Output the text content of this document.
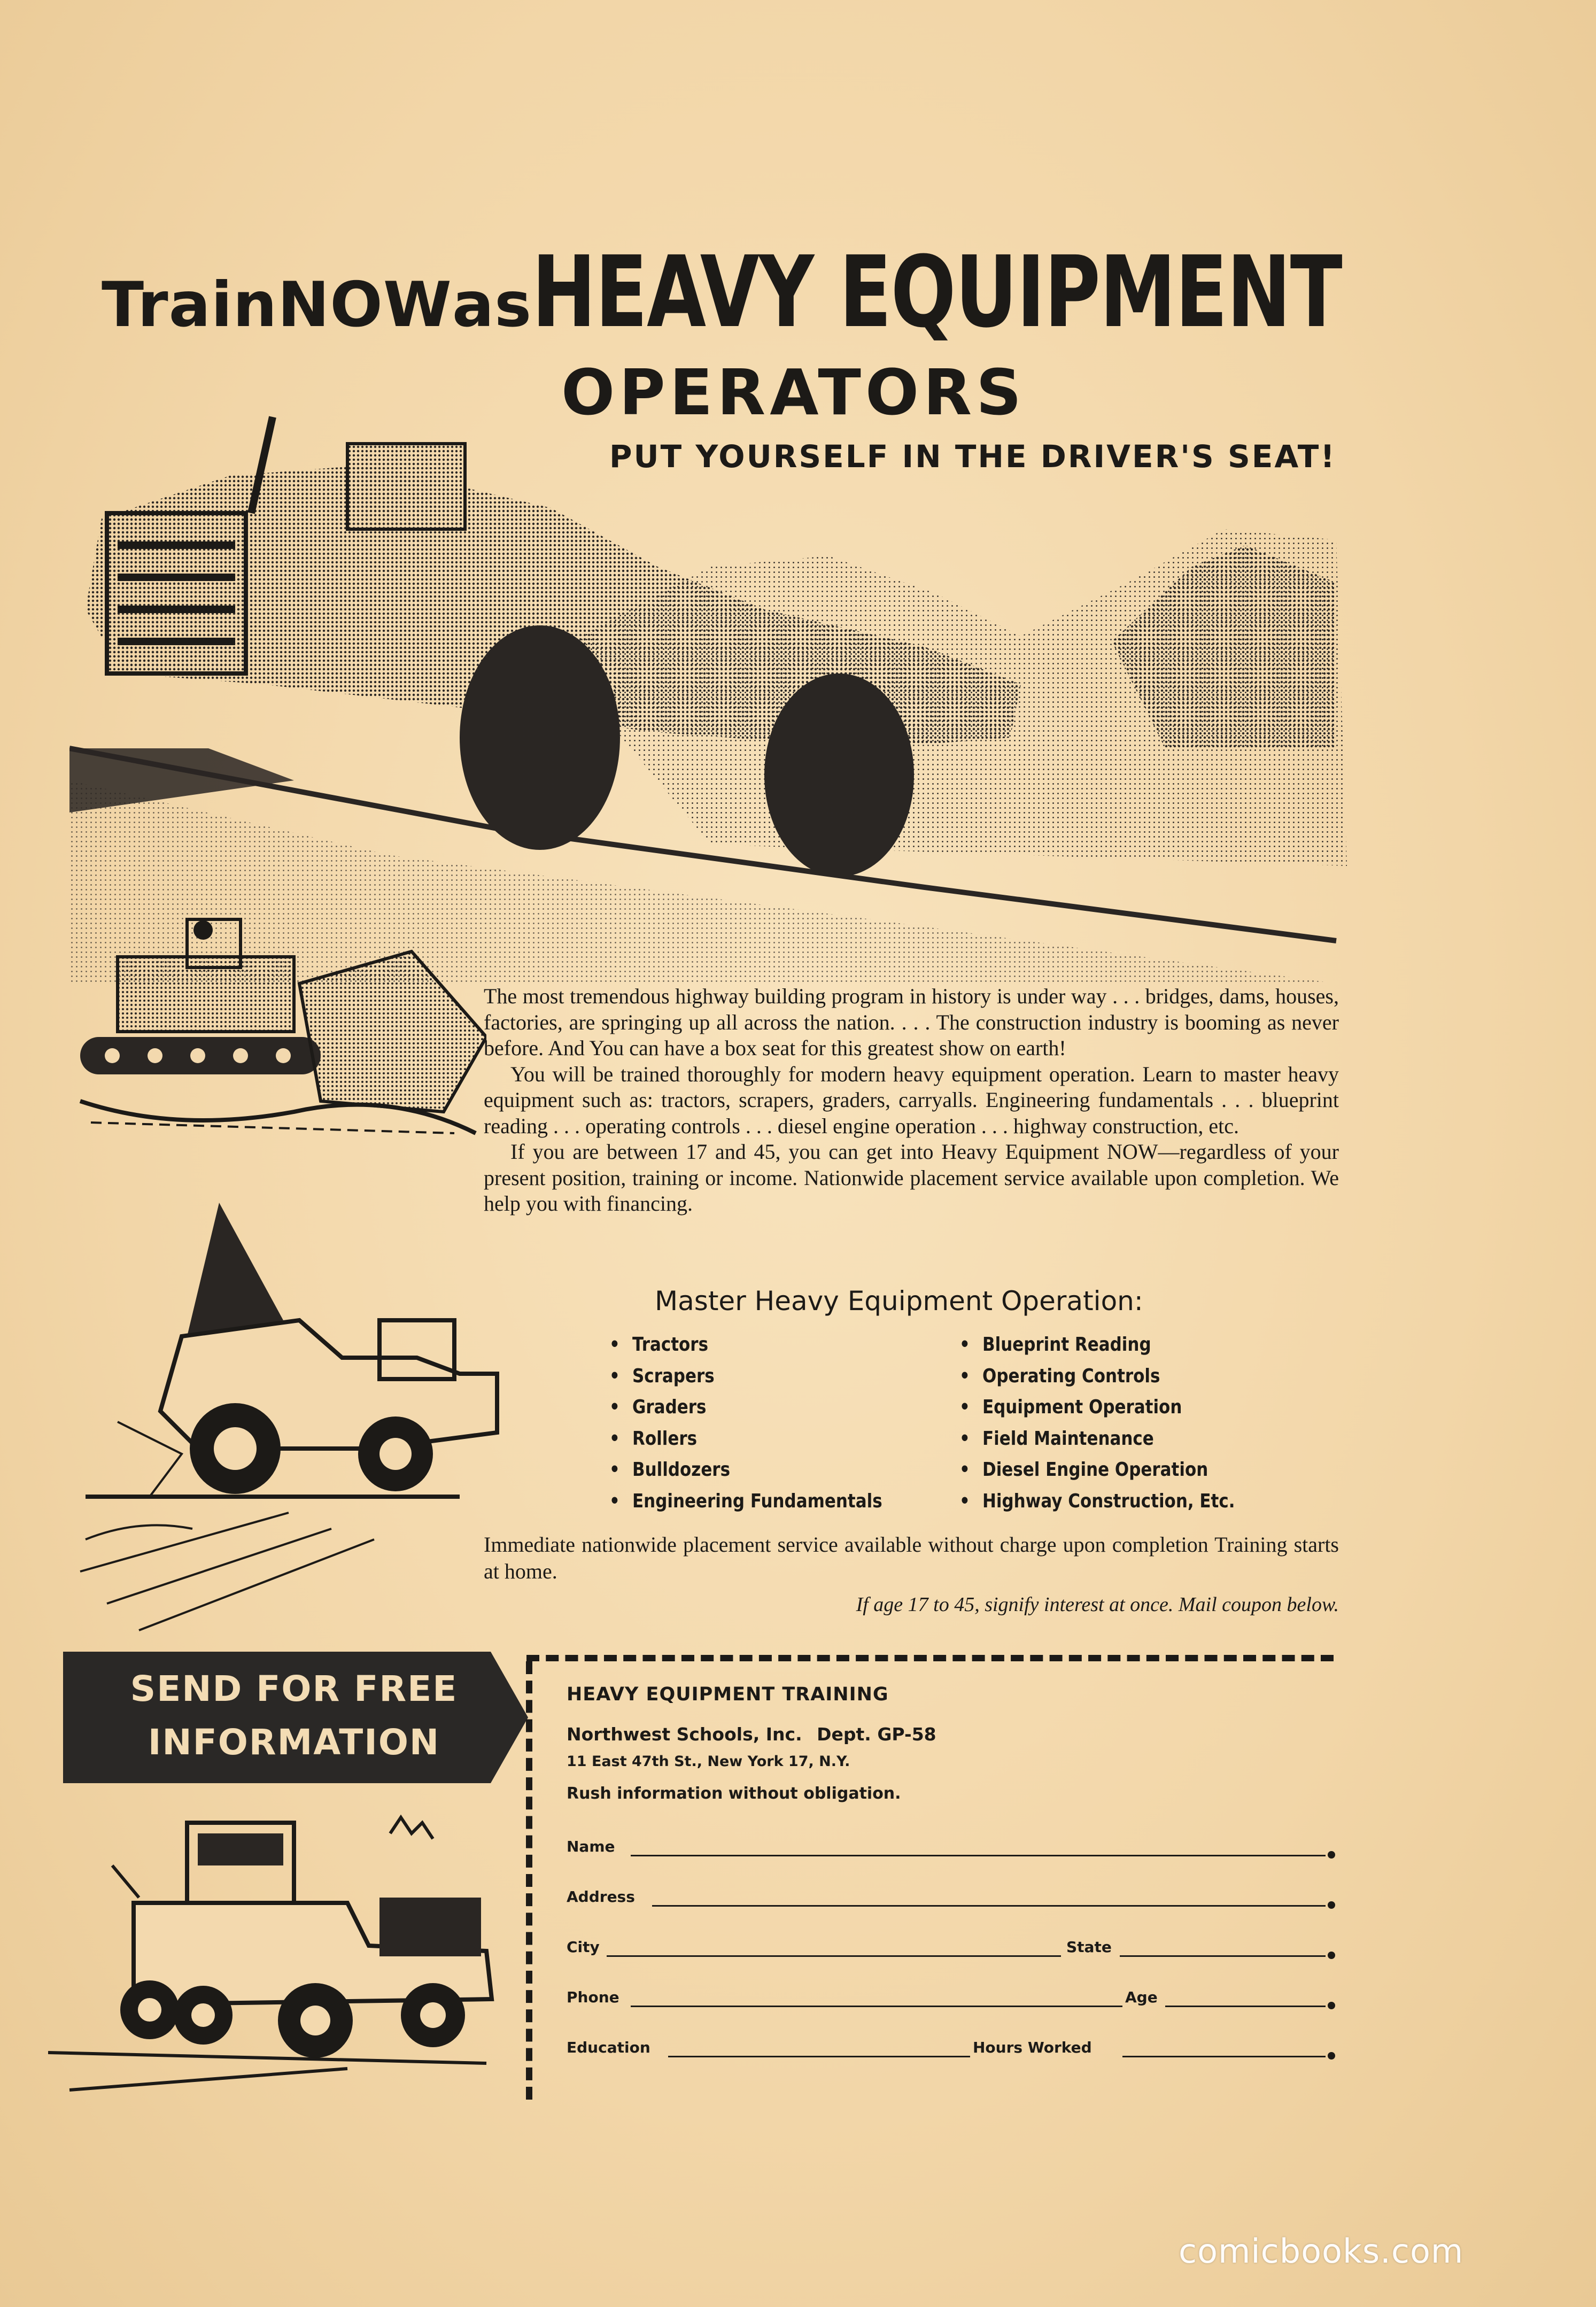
TrainNOWasHEAVY EQUIPMENT
OPERATORS
PUT YOURSELF IN THE DRIVER'S SEAT!

The most tremendous highway building program in history is under way . . . bridges, dams, houses, factories, are springing up all across the nation. . . . The construction industry is booming as never before. And You can have a box seat for this greatest show on earth!

You will be trained thoroughly for modern heavy equipment operation. Learn to master heavy equipment such as: tractors, scrapers, graders, carryalls. Engineering fundamentals . . . blueprint reading . . . operating controls . . . diesel engine operation . . . highway construction, etc.

If you are between 17 and 45, you can get into Heavy Equipment NOW—regardless of your present position, training or income. Nationwide placement service available upon completion. We help you with financing.

Master Heavy Equipment Operation:
• Tractors
• Scrapers
• Graders
• Rollers
• Bulldozers
• Engineering Fundamentals
• Blueprint Reading
• Operating Controls
• Equipment Operation
• Field Maintenance
• Diesel Engine Operation
• Highway Construction, Etc.
Immediate nationwide placement service available without charge upon completion Training starts at home.
If age 17 to 45, signify interest at once. Mail coupon below.
SEND FOR FREE
INFORMATION
HEAVY EQUIPMENT TRAINING
Northwest Schools, Inc. Dept. GP-58
11 East 47th St., New York 17, N.Y.
Rush information without obligation.
Name
Address
City	State
Phone	Age
Education	Hours Worked
comicbooks.com
